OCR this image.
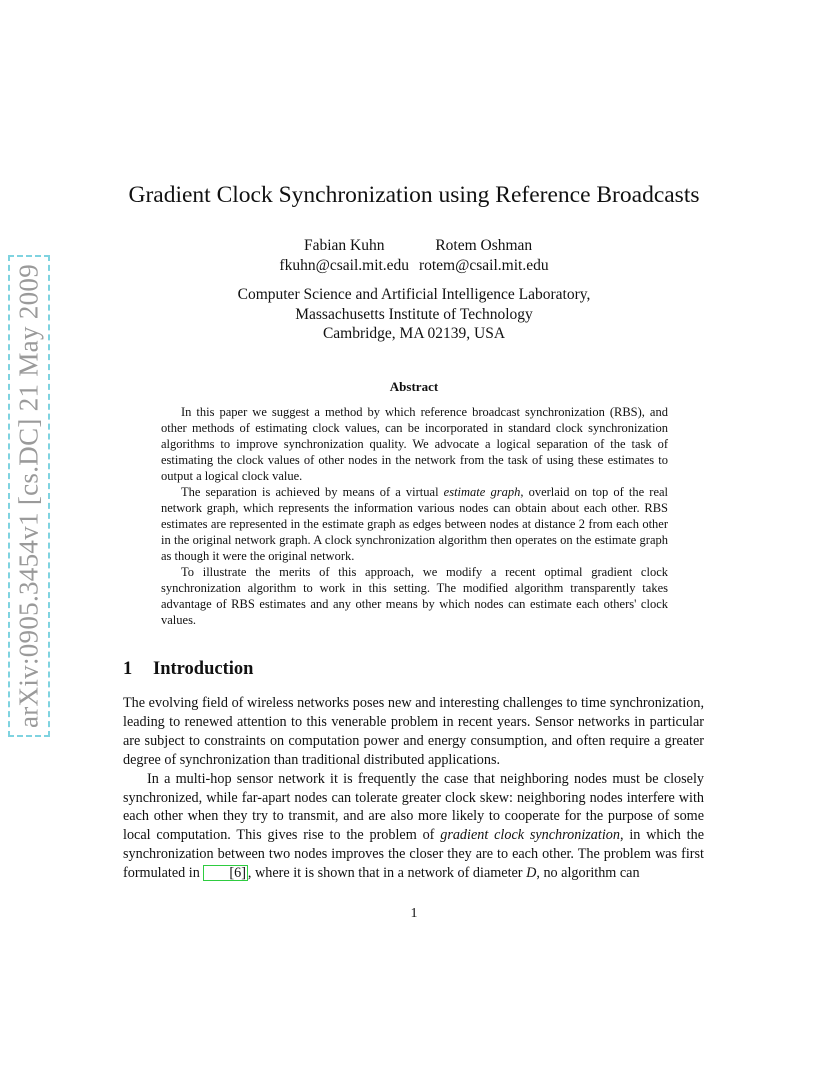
arXiv:0905.3454v1 [cs.DC] 21 May 2009
Gradient Clock Synchronization using Reference Broadcasts
Fabian Kuhn
fkuhn@csail.mit.edu

Rotem Oshman
rotem@csail.mit.edu
Computer Science and Artificial Intelligence Laboratory,
Massachusetts Institute of Technology
Cambridge, MA 02139, USA
Abstract

In this paper we suggest a method by which reference broadcast synchronization (RBS), and other methods of estimating clock values, can be incorporated in standard clock synchronization algorithms to improve synchronization quality. We advocate a logical separation of the task of estimating the clock values of other nodes in the network from the task of using these estimates to output a logical clock value.

The separation is achieved by means of a virtual estimate graph, overlaid on top of the real network graph, which represents the information various nodes can obtain about each other. RBS estimates are represented in the estimate graph as edges between nodes at distance 2 from each other in the original network graph. A clock synchronization algorithm then operates on the estimate graph as though it were the original network.

To illustrate the merits of this approach, we modify a recent optimal gradient clock synchronization algorithm to work in this setting. The modified algorithm transparently takes advantage of RBS estimates and any other means by which nodes can estimate each others' clock values.

1 Introduction

The evolving field of wireless networks poses new and interesting challenges to time synchronization, leading to renewed attention to this venerable problem in recent years. Sensor networks in particular are subject to constraints on computation power and energy consumption, and often require a greater degree of synchronization than traditional distributed applications.

In a multi-hop sensor network it is frequently the case that neighboring nodes must be closely synchronized, while far-apart nodes can tolerate greater clock skew: neighboring nodes interfere with each other when they try to transmit, and are also more likely to cooperate for the purpose of some local computation. This gives rise to the problem of gradient clock synchronization, in which the synchronization between two nodes improves the closer they are to each other. The problem was first formulated in [6] , where it is shown that in a network of diameter D, no algorithm can

1
